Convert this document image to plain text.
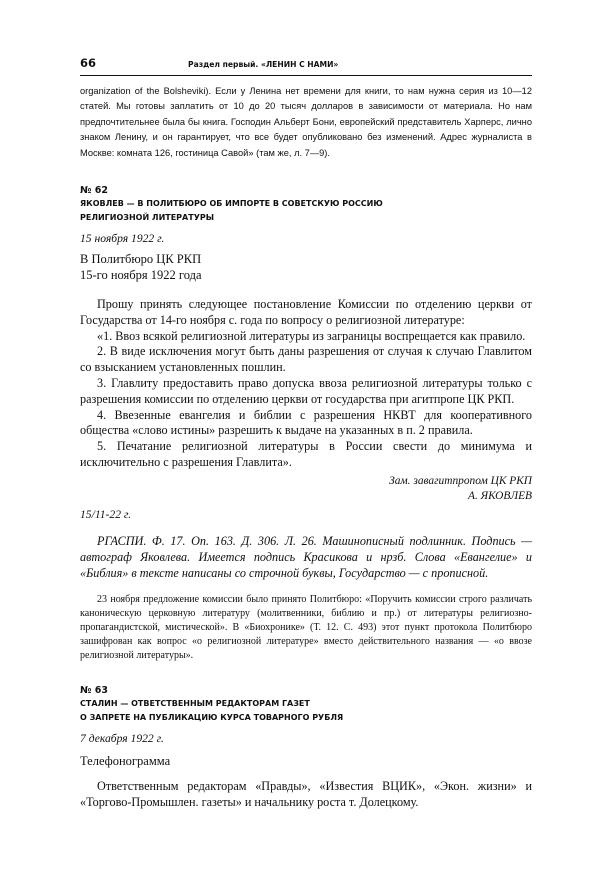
66	Раздел первый. «ЛЕНИН С НАМИ»

organization of the Bolsheviki). Если у Ленина нет времени для книги, то нам нужна серия из 10—12 статей. Мы готовы заплатить от 10 до 20 тысяч долларов в зависимости от материала. Но нам предпочтительнее была бы книга. Господин Альберт Бони, европейский представитель Харперс, лично знаком Ленину, и он гарантирует, что все будет опубликовано без изменений. Адрес журналиста в Москве: комната 126, гостиница Савой» (там же, л. 7—9).

№ 62

ЯКОВЛЕВ — В ПОЛИТБЮРО ОБ ИМПОРТЕ В СОВЕТСКУЮ РОССИЮ
РЕЛИГИОЗНОЙ ЛИТЕРАТУРЫ

15 ноября 1922 г.

В Политбюро ЦК РКП

15-го ноября 1922 года

Прошу принять следующее постановление Комиссии по отделению церкви от Государства от 14-го ноября с. года по вопросу о религиозной литературе:

«1. Ввоз всякой религиозной литературы из заграницы воспрещается как правило.

2. В виде исключения могут быть даны разрешения от случая к случаю Главлитом со взысканием установленных пошлин.

3. Главлиту предоставить право допуска ввоза религиозной литературы только с разрешения комиссии по отделению церкви от государства при агитпропе ЦК РКП.

4. Ввезенные евангелия и библии с разрешения НКВТ для кооперативного общества «слово истины» разрешить к выдаче на указанных в п. 2 правила.

5. Печатание религиозной литературы в России свести до минимума и исключительно с разрешения Главлита».

Зам. завагитпропом ЦК РКП

А. ЯКОВЛЕВ

15/11-22 г.

РГАСПИ. Ф. 17. Оп. 163. Д. 306. Л. 26. Машинописный подлинник. Подпись — автограф Яковлева. Имеется подпись Красикова и нрзб. Слова «Евангелие» и «Библия» в тексте написаны со строчной буквы, Государство — с прописной.

23 ноября предложение комиссии было принято Политбюро: «Поручить комиссии строго различать каноническую церковную литературу (молитвенники, библию и пр.) от литературы религиозно-пропагандистской, мистической». В «Биохронике» (Т. 12. С. 493) этот пункт протокола Политбюро зашифрован как вопрос «о религиозной литературе» вместо действительного названия — «о ввозе религиозной литературы».

№ 63

СТАЛИН — ОТВЕТСТВЕННЫМ РЕДАКТОРАМ ГАЗЕТ
О ЗАПРЕТЕ НА ПУБЛИКАЦИЮ КУРСА ТОВАРНОГО РУБЛЯ

7 декабря 1922 г.

Телефонограмма

Ответственным редакторам «Правды», «Известия ВЦИК», «Экон. жизни» и «Торгово-Промышлен. газеты» и начальнику роста т. Долецкому.
